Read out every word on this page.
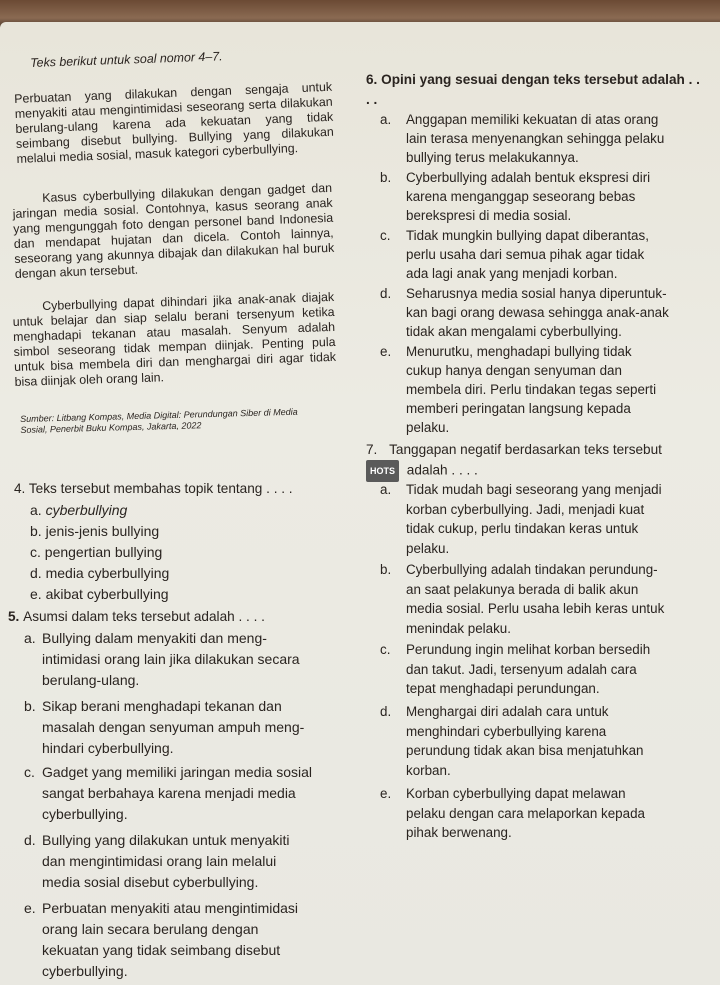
Teks berikut untuk soal nomor 4–7.
Perbuatan yang dilakukan dengan sengaja untuk menyakiti atau mengintimidasi seseorang serta dilakukan berulang-ulang karena ada kekuatan yang tidak seimbang disebut bullying. Bullying yang dilakukan melalui media sosial, masuk kategori cyberbullying.
Kasus cyberbullying dilakukan dengan gadget dan jaringan media sosial. Contohnya, kasus seorang anak yang mengunggah foto dengan personel band Indonesia dan mendapat hujatan dan dicela. Contoh lainnya, seseorang yang akunnya dibajak dan dilakukan hal buruk dengan akun tersebut.
Cyberbullying dapat dihindari jika anak-anak diajak untuk belajar dan siap selalu berani tersenyum ketika menghadapi tekanan atau masalah. Senyum adalah simbol seseorang tidak mempan diinjak. Penting pula untuk bisa membela diri dan menghargai diri agar tidak bisa diinjak oleh orang lain.
Sumber: Litbang Kompas, Media Digital: Perundungan Siber di Media Sosial, Penerbit Buku Kompas, Jakarta, 2022
4. Teks tersebut membahas topik tentang . . . .
a. cyberbullying
b. jenis-jenis bullying
c. pengertian bullying
d. media cyberbullying
e. akibat cyberbullying
5. Asumsi dalam teks tersebut adalah . . . .
a. Bullying dalam menyakiti dan meng-
intimidasi orang lain jika dilakukan secara
berulang-ulang.
b. Sikap berani menghadapi tekanan dan
masalah dengan senyuman ampuh meng-
hindari cyberbullying.
c. Gadget yang memiliki jaringan media sosial
sangat berbahaya karena menjadi media
cyberbullying.
d. Bullying yang dilakukan untuk menyakiti
dan mengintimidasi orang lain melalui
media sosial disebut cyberbullying.
e. Perbuatan menyakiti atau mengintimidasi
orang lain secara berulang dengan
kekuatan yang tidak seimbang disebut
cyberbullying.
6. Opini yang sesuai dengan teks tersebut adalah . . . .
a. Anggapan memiliki kekuatan di atas orang
lain terasa menyenangkan sehingga pelaku
bullying terus melakukannya.
b. Cyberbullying adalah bentuk ekspresi diri
karena menganggap seseorang bebas
berekspresi di media sosial.
c. Tidak mungkin bullying dapat diberantas,
perlu usaha dari semua pihak agar tidak
ada lagi anak yang menjadi korban.
d. Seharusnya media sosial hanya diperuntuk-
kan bagi orang dewasa sehingga anak-anak
tidak akan mengalami cyberbullying.
e. Menurutku, menghadapi bullying tidak
cukup hanya dengan senyuman dan
membela diri. Perlu tindakan tegas seperti
memberi peringatan langsung kepada
pelaku.
7. Tanggapan negatif berdasarkan teks tersebut
HOTS adalah . . . .
a. Tidak mudah bagi seseorang yang menjadi
korban cyberbullying. Jadi, menjadi kuat
tidak cukup, perlu tindakan keras untuk
pelaku.
b. Cyberbullying adalah tindakan perundung-
an saat pelakunya berada di balik akun
media sosial. Perlu usaha lebih keras untuk
menindak pelaku.
c. Perundung ingin melihat korban bersedih
dan takut. Jadi, tersenyum adalah cara
tepat menghadapi perundungan.
d. Menghargai diri adalah cara untuk
menghindari cyberbullying karena
perundung tidak akan bisa menjatuhkan
korban.
e. Korban cyberbullying dapat melawan
pelaku dengan cara melaporkan kepada
pihak berwenang.
